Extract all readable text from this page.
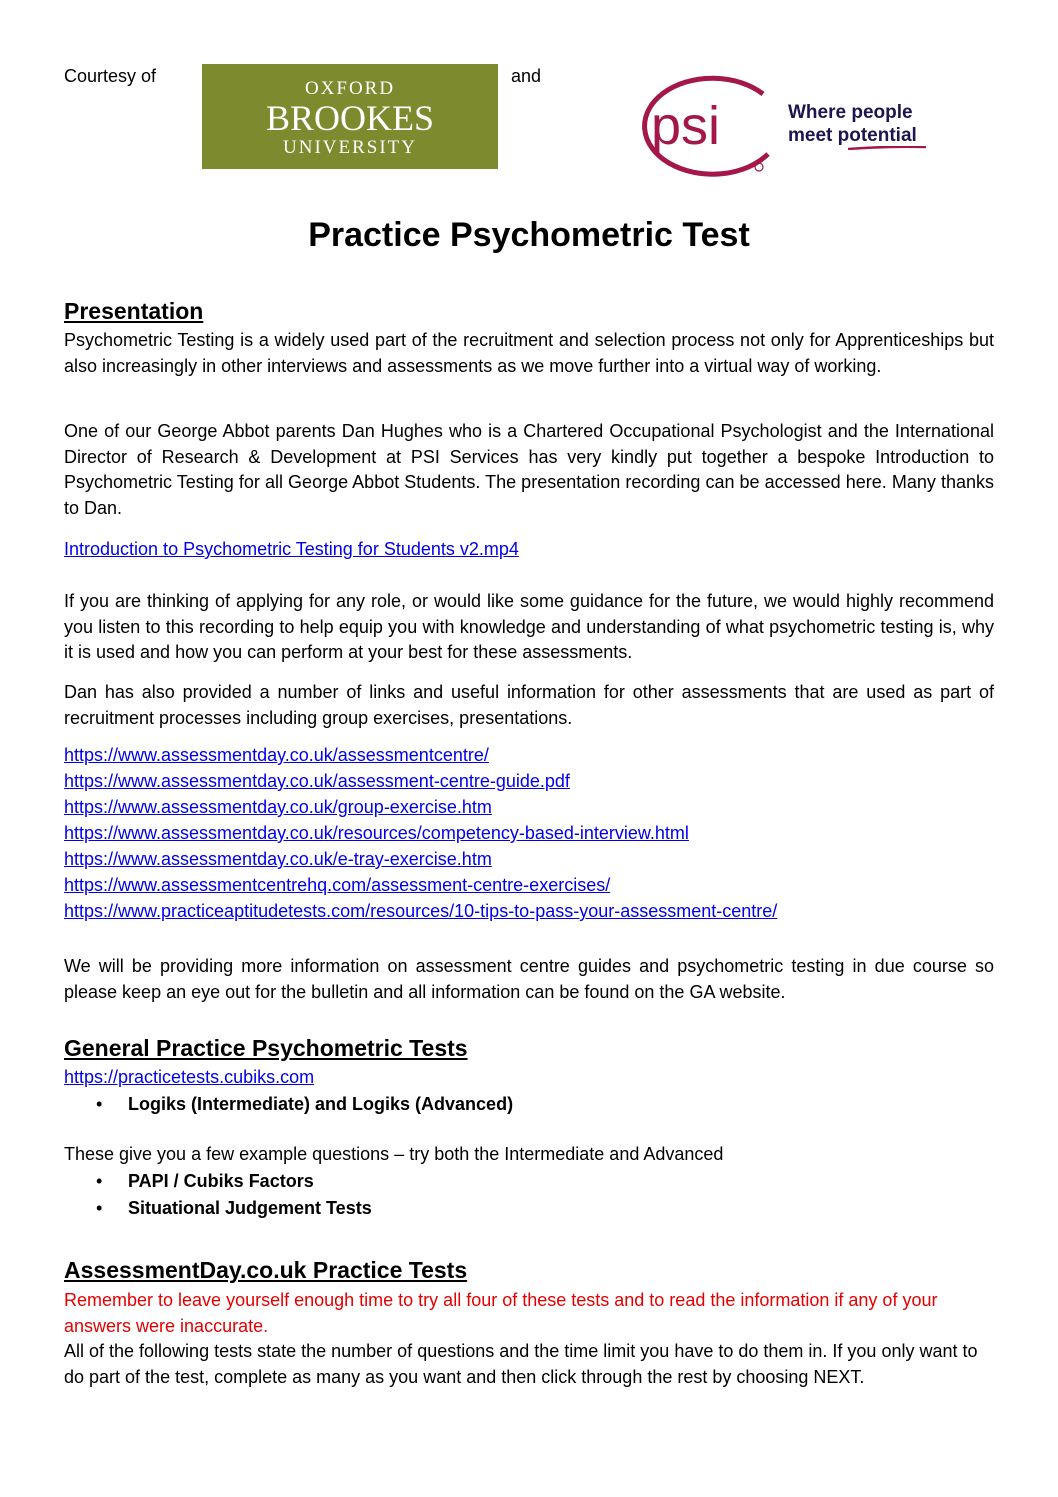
Courtesy of
OXFORD
BROOKES
UNIVERSITY
and
psi	Where people
meet potential
Practice Psychometric Test
Presentation
Psychometric Testing is a widely used part of the recruitment and selection process not only for Apprenticeships but also increasingly in other interviews and assessments as we move further into a virtual way of working.
One of our George Abbot parents Dan Hughes who is a Chartered Occupational Psychologist and the International Director of Research & Development at PSI Services has very kindly put together a bespoke Introduction to Psychometric Testing for all George Abbot Students. The presentation recording can be accessed here. Many thanks to Dan.
Introduction to Psychometric Testing for Students v2.mp4
If you are thinking of applying for any role, or would like some guidance for the future, we would highly recommend you listen to this recording to help equip you with knowledge and understanding of what psychometric testing is, why it is used and how you can perform at your best for these assessments.
Dan has also provided a number of links and useful information for other assessments that are used as part of recruitment processes including group exercises, presentations.
https://www.assessmentday.co.uk/assessmentcentre/
https://www.assessmentday.co.uk/assessment-centre-guide.pdf
https://www.assessmentday.co.uk/group-exercise.htm
https://www.assessmentday.co.uk/resources/competency-based-interview.html
https://www.assessmentday.co.uk/e-tray-exercise.htm
https://www.assessmentcentrehq.com/assessment-centre-exercises/
https://www.practiceaptitudetests.com/resources/10-tips-to-pass-your-assessment-centre/
We will be providing more information on assessment centre guides and psychometric testing in due course so please keep an eye out for the bulletin and all information can be found on the GA website.
General Practice Psychometric Tests
https://practicetests.cubiks.com
• Logiks (Intermediate) and Logiks (Advanced)
These give you a few example questions – try both the Intermediate and Advanced
• PAPI / Cubiks Factors
• Situational Judgement Tests
AssessmentDay.co.uk Practice Tests
Remember to leave yourself enough time to try all four of these tests and to read the information if any of your answers were inaccurate.
All of the following tests state the number of questions and the time limit you have to do them in. If you only want to do part of the test, complete as many as you want and then click through the rest by choosing NEXT.
